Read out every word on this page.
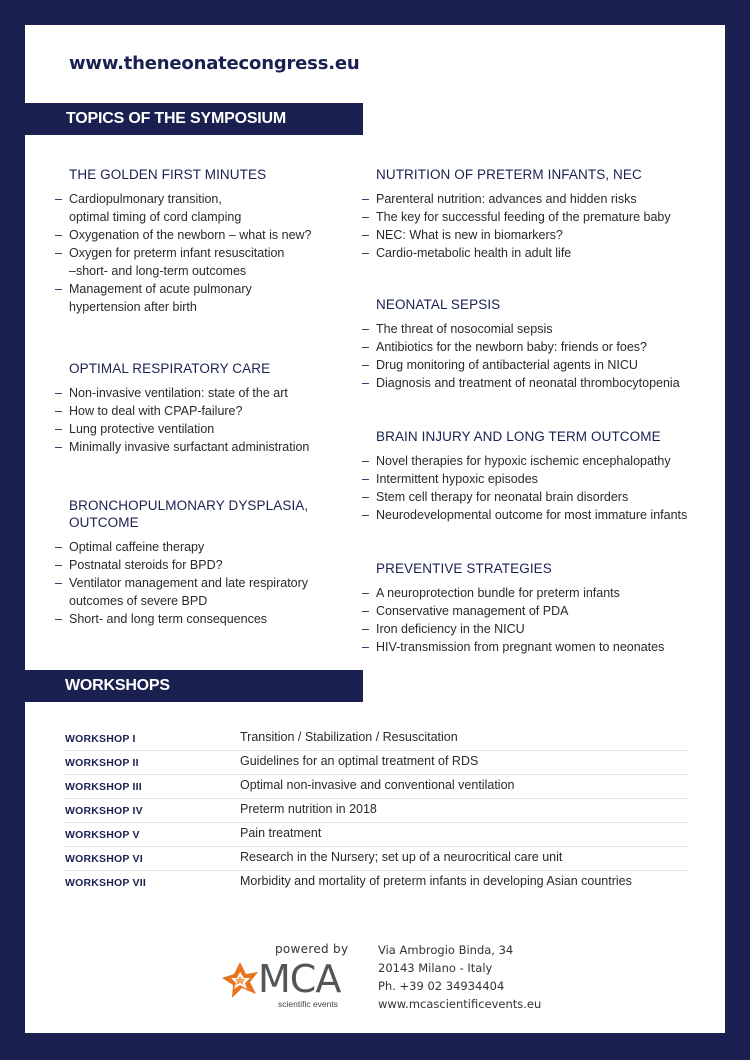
www.theneonatecongress.eu
TOPICS OF THE SYMPOSIUM
THE GOLDEN FIRST MINUTES
– Cardiopulmonary transition,
optimal timing of cord clamping
– Oxygenation of the newborn – what is new?
– Oxygen for preterm infant resuscitation
–short- and long-term outcomes
– Management of acute pulmonary
hypertension after birth
OPTIMAL RESPIRATORY CARE
– Non-invasive ventilation: state of the art
– How to deal with CPAP-failure?
– Lung protective ventilation
– Minimally invasive surfactant administration
BRONCHOPULMONARY DYSPLASIA,
OUTCOME
– Optimal caffeine therapy
– Postnatal steroids for BPD?
– Ventilator management and late respiratory
outcomes of severe BPD
– Short- and long term consequences
NUTRITION OF PRETERM INFANTS, NEC
– Parenteral nutrition: advances and hidden risks
– The key for successful feeding of the premature baby
– NEC: What is new in biomarkers?
– Cardio-metabolic health in adult life
NEONATAL SEPSIS
– The threat of nosocomial sepsis
– Antibiotics for the newborn baby: friends or foes?
– Drug monitoring of antibacterial agents in NICU
– Diagnosis and treatment of neonatal thrombocytopenia
BRAIN INJURY AND LONG TERM OUTCOME
– Novel therapies for hypoxic ischemic encephalopathy
– Intermittent hypoxic episodes
– Stem cell therapy for neonatal brain disorders
– Neurodevelopmental outcome for most immature infants
PREVENTIVE STRATEGIES
– A neuroprotection bundle for preterm infants
– Conservative management of PDA
– Iron deficiency in the NICU
– HIV-transmission from pregnant women to neonates
WORKSHOPS
WORKSHOP I	Transition / Stabilization / Resuscitation
WORKSHOP II	Guidelines for an optimal treatment of RDS
WORKSHOP III	Optimal non-invasive and conventional ventilation
WORKSHOP IV	Preterm nutrition in 2018
WORKSHOP V	Pain treatment
WORKSHOP VI	Research in the Nursery; set up of a neurocritical care unit
WORKSHOP VII	Morbidity and mortality of preterm infants in developing Asian countries
powered by
MCA
scientific events
Via Ambrogio Binda, 34
20143 Milano - Italy
Ph. +39 02 34934404
www.mcascientificevents.eu
